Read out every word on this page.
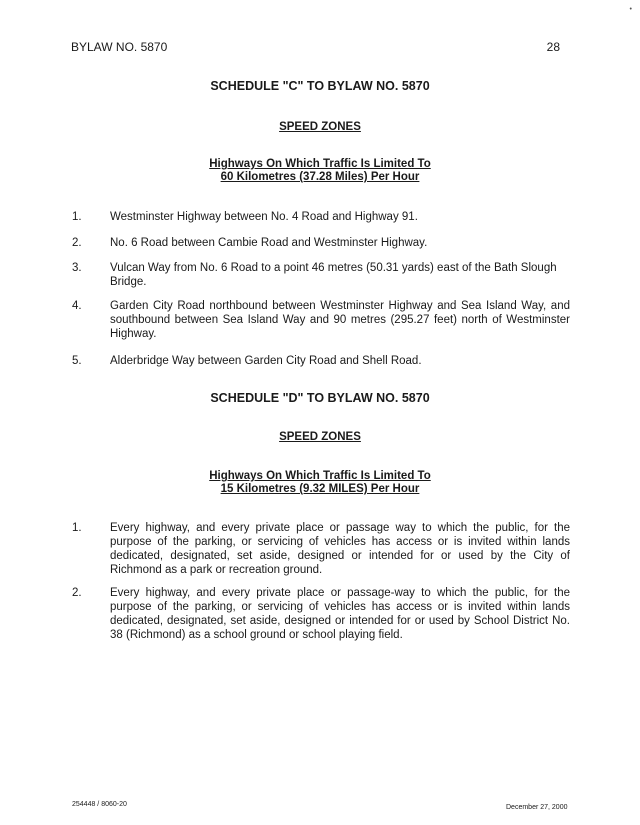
•
BYLAW NO. 5870	28
SCHEDULE "C" TO BYLAW NO. 5870
SPEED ZONES
Highways On Which Traffic Is Limited To
60 Kilometres (37.28 Miles) Per Hour
1.	Westminster Highway between No. 4 Road and Highway 91.
2.	No. 6 Road between Cambie Road and Westminster Highway.
3.	Vulcan Way from No. 6 Road to a point 46 metres (50.31 yards) east of the Bath Slough Bridge.
4.	Garden City Road northbound between Westminster Highway and Sea Island Way, and southbound between Sea Island Way and 90 metres (295.27 feet) north of Westminster Highway.
5.	Alderbridge Way between Garden City Road and Shell Road.
SCHEDULE "D" TO BYLAW NO. 5870
SPEED ZONES
Highways On Which Traffic Is Limited To
15 Kilometres (9.32 MILES) Per Hour
1.	Every highway, and every private place or passage way to which the public, for the purpose of the parking, or servicing of vehicles has access or is invited within lands dedicated, designated, set aside, designed or intended for or used by the City of Richmond as a park or recreation ground.
2.	Every highway, and every private place or passage-way to which the public, for the purpose of the parking, or servicing of vehicles has access or is invited within lands dedicated, designated, set aside, designed or intended for or used by School District No. 38 (Richmond) as a school ground or school playing field.
254448 / 8060-20	December 27, 2000
